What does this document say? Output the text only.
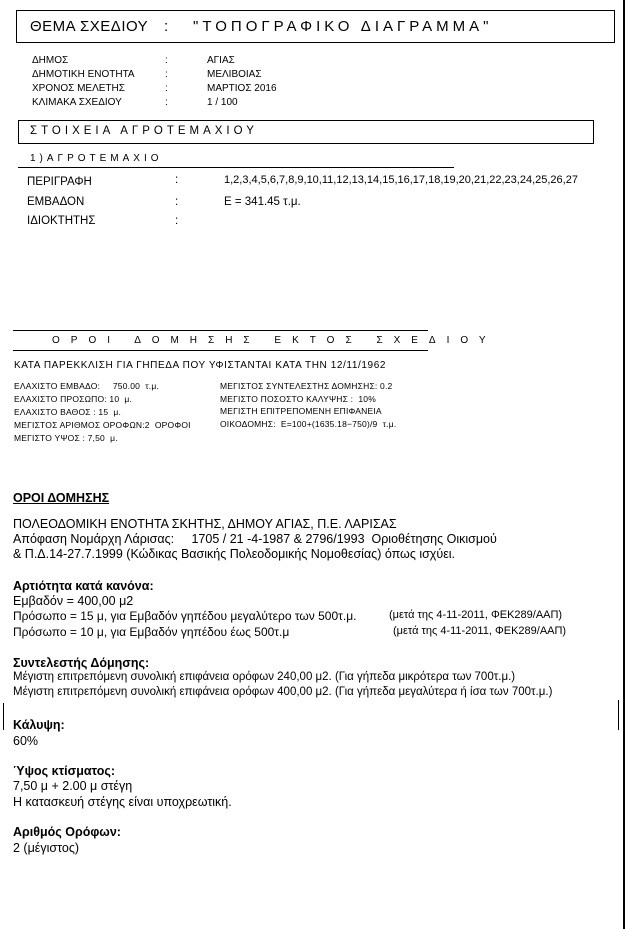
ΘΕΜΑ ΣΧΕΔΙΟΥ : "ΤΟΠΟΓΡΑΦΙΚΟ ΔΙΑΓΡΑΜΜΑ"
ΔΗΜΟΣ	:	ΑΓΙΑΣ
ΔΗΜΟΤΙΚΗ ΕΝΟΤΗΤΑ	:	ΜΕΛΙΒΟΙΑΣ
ΧΡΟΝΟΣ ΜΕΛΕΤΗΣ	:	ΜΑΡΤΙΟΣ 2016
ΚΛΙΜΑΚΑ ΣΧΕΔΙΟΥ	:	1 / 100
ΣΤΟΙΧΕΙΑ ΑΓΡΟΤΕΜΑΧΙΟΥ
1)ΑΓΡΟΤΕΜΑΧΙΟ
ΠΕΡΙΓΡΑΦΗ	:	1,2,3,4,5,6,7,8,9,10,11,12,13,14,15,16,17,18,19,20,21,22,23,24,25,26,27
ΕΜΒΑΔΟΝ	:	Ε = 341.45 τ.μ.
ΙΔΙΟΚΤΗΤΗΣ	:
ΟΡΟΙ ΔΟΜΗΣΗΣ ΕΚΤΟΣ ΣΧΕΔΙΟΥ
ΚΑΤΑ ΠΑΡΕΚΚΛΙΣΗ ΓΙΑ ΓΗΠΕΔΑ ΠΟΥ ΥΦΙΣΤΑΝΤΑΙ ΚΑΤΑ ΤΗΝ 12/11/1962
ΕΛΑΧΙΣΤΟ ΕΜΒΑΔΟ:     750.00  τ.μ.
ΕΛΑΧΙΣΤΟ ΠΡΟΣΩΠΟ: 10  μ.
ΕΛΑΧΙΣΤΟ ΒΑΘΟΣ : 15  μ.
ΜΕΓΙΣΤΟΣ ΑΡΙΘΜΟΣ ΟΡΟΦΩΝ:2  ΟΡΟΦΟΙ
ΜΕΓΙΣΤΟ ΥΨΟΣ : 7,50  μ.
ΜΕΓΙΣΤΟΣ ΣΥΝΤΕΛΕΣΤΗΣ ΔΟΜΗΣΗΣ: 0.2
ΜΕΓΙΣΤΟ ΠΟΣΟΣΤΟ ΚΑΛΥΨΗΣ :  10%
ΜΕΓΙΣΤΗ ΕΠΙΤΡΕΠΟΜΕΝΗ ΕΠΙΦΑΝΕΙΑ
ΟΙΚΟΔΟΜΗΣ:  Ε=100+(1635.18−750)/9  τ.μ.
ΟΡΟΙ ΔΟΜΗΣΗΣ
ΠΟΛΕΟΔΟΜΙΚΗ ΕΝΟΤΗΤΑ ΣΚΗΤΗΣ, ΔΗΜΟΥ ΑΓΙΑΣ, Π.Ε. ΛΑΡΙΣΑΣ
Απόφαση Νομάρχη Λάρισας:     1705 / 21 -4-1987 & 2796/1993  Οριοθέτησης Οικισμού
& Π.Δ.14-27.7.1999 (Κώδικας Βασικής Πολεοδομικής Νομοθεσίας) όπως ισχύει.
Αρτιότητα κατά κανόνα:
Εμβαδόν = 400,00 μ2
Πρόσωπο = 15 μ, για Εμβαδόν γηπέδου μεγαλύτερο των 500τ.μ.	(μετά της 4-11-2011, ΦΕΚ289/ΑΑΠ)
Πρόσωπο = 10 μ, για Εμβαδόν γηπέδου έως 500τ.μ	(μετά της 4-11-2011, ΦΕΚ289/ΑΑΠ)
Συντελεστής Δόμησης:
Μέγιστη επιτρεπόμενη συνολική επιφάνεια ορόφων 240,00 μ2. (Για γήπεδα μικρότερα των 700τ.μ.)
Μέγιστη επιτρεπόμενη συνολική επιφάνεια ορόφων 400,00 μ2. (Για γήπεδα μεγαλύτερα ή ίσα των 700τ.μ.)
Κάλυψη:
60%
Ύψος κτίσματος:
7,50 μ + 2.00 μ στέγη
Η κατασκευή στέγης είναι υποχρεωτική.
Αριθμός Ορόφων:
2 (μέγιστος)
